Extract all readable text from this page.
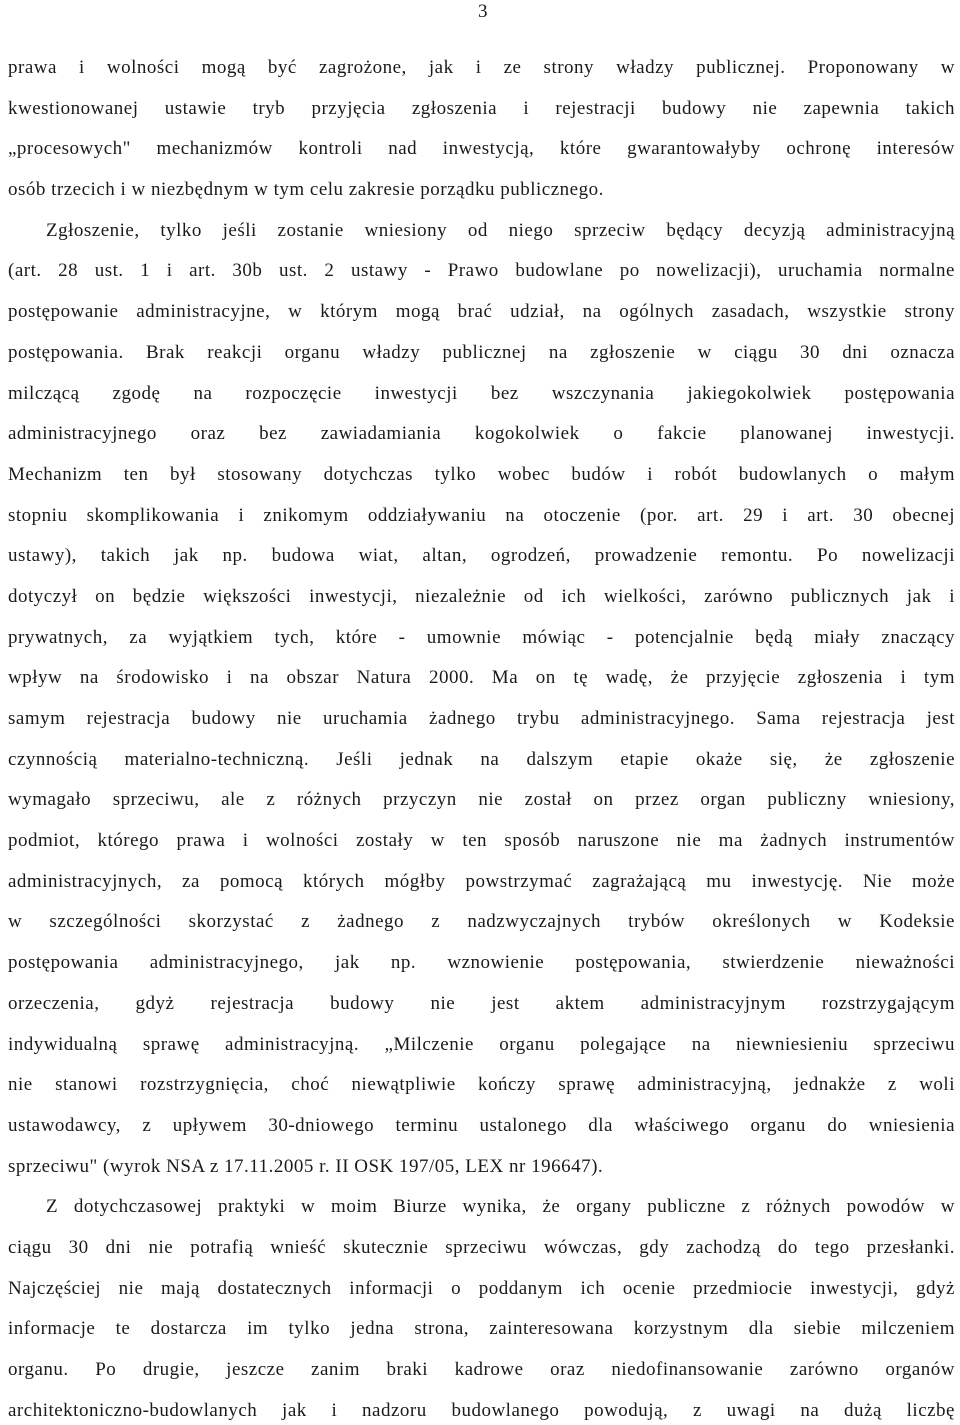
3
prawa i wolności mogą być zagrożone, jak i ze strony władzy publicznej. Proponowany w
kwestionowanej ustawie tryb przyjęcia zgłoszenia i rejestracji budowy nie zapewnia takich
„procesowych" mechanizmów kontroli nad inwestycją, które gwarantowałyby ochronę interesów
osób trzecich i w niezbędnym w tym celu zakresie porządku publicznego.
Zgłoszenie, tylko jeśli zostanie wniesiony od niego sprzeciw będący decyzją administracyjną
(art. 28 ust. 1 i art. 30b ust. 2 ustawy - Prawo budowlane po nowelizacji), uruchamia normalne
postępowanie administracyjne, w którym mogą brać udział, na ogólnych zasadach, wszystkie strony
postępowania. Brak reakcji organu władzy publicznej na zgłoszenie w ciągu 30 dni oznacza
milczącą zgodę na rozpoczęcie inwestycji bez wszczynania jakiegokolwiek postępowania
administracyjnego oraz bez zawiadamiania kogokolwiek o fakcie planowanej inwestycji.
Mechanizm ten był stosowany dotychczas tylko wobec budów i robót budowlanych o małym
stopniu skomplikowania i znikomym oddziaływaniu na otoczenie (por. art. 29 i art. 30 obecnej
ustawy), takich jak np. budowa wiat, altan, ogrodzeń, prowadzenie remontu. Po nowelizacji
dotyczył on będzie większości inwestycji, niezależnie od ich wielkości, zarówno publicznych jak i
prywatnych, za wyjątkiem tych, które - umownie mówiąc - potencjalnie będą miały znaczący
wpływ na środowisko i na obszar Natura 2000. Ma on tę wadę, że przyjęcie zgłoszenia i tym
samym rejestracja budowy nie uruchamia żadnego trybu administracyjnego. Sama rejestracja jest
czynnością materialno-techniczną. Jeśli jednak na dalszym etapie okaże się, że zgłoszenie
wymagało sprzeciwu, ale z różnych przyczyn nie został on przez organ publiczny wniesiony,
podmiot, którego prawa i wolności zostały w ten sposób naruszone nie ma żadnych instrumentów
administracyjnych, za pomocą których mógłby powstrzymać zagrażającą mu inwestycję. Nie może
w szczególności skorzystać z żadnego z nadzwyczajnych trybów określonych w Kodeksie
postępowania administracyjnego, jak np. wznowienie postępowania, stwierdzenie nieważności
orzeczenia, gdyż rejestracja budowy nie jest aktem administracyjnym rozstrzygającym
indywidualną sprawę administracyjną. „Milczenie organu polegające na niewniesieniu sprzeciwu
nie stanowi rozstrzygnięcia, choć niewątpliwie kończy sprawę administracyjną, jednakże z woli
ustawodawcy, z upływem 30-dniowego terminu ustalonego dla właściwego organu do wniesienia
sprzeciwu" (wyrok NSA z 17.11.2005 r. II OSK 197/05, LEX nr 196647).
Z dotychczasowej praktyki w moim Biurze wynika, że organy publiczne z różnych powodów w
ciągu 30 dni nie potrafią wnieść skutecznie sprzeciwu wówczas, gdy zachodzą do tego przesłanki.
Najczęściej nie mają dostatecznych informacji o poddanym ich ocenie przedmiocie inwestycji, gdyż
informacje te dostarcza im tylko jedna strona, zainteresowana korzystnym dla siebie milczeniem
organu. Po drugie, jeszcze zanim braki kadrowe oraz niedofinansowanie zarówno organów
architektoniczno-budowlanych jak i nadzoru budowlanego powodują, z uwagi na dużą liczbę
